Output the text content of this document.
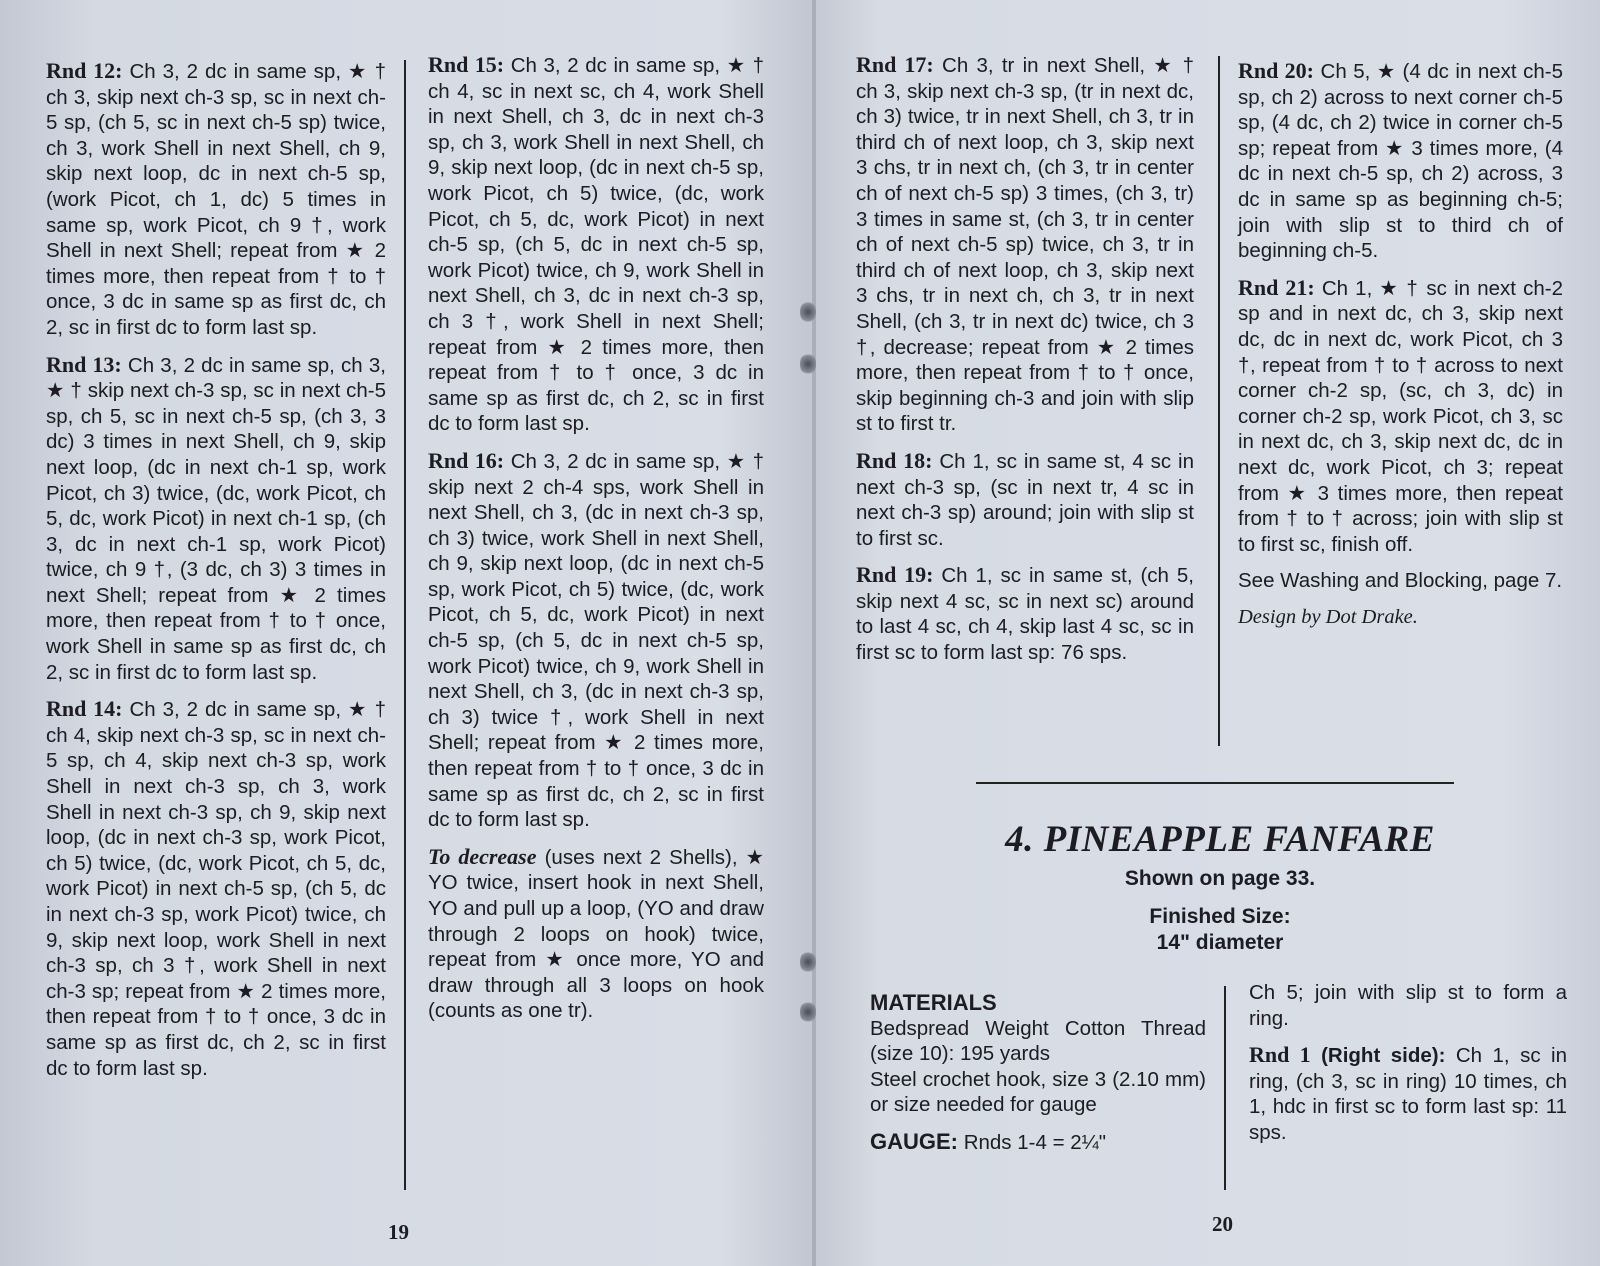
Rnd 12: Ch 3, 2 dc in same sp, ★ † ch 3, skip next ch-3 sp, sc in next ch-5 sp, (ch 5, sc in next ch-5 sp) twice, ch 3, work Shell in next Shell, ch 9, skip next loop, dc in next ch-5 sp, (work Picot, ch 1, dc) 5 times in same sp, work Picot, ch 9 †, work Shell in next Shell; repeat from ★ 2 times more, then repeat from † to † once, 3 dc in same sp as first dc, ch 2, sc in first dc to form last sp.

Rnd 13: Ch 3, 2 dc in same sp, ch 3, ★ † skip next ch-3 sp, sc in next ch-5 sp, ch 5, sc in next ch-5 sp, (ch 3, 3 dc) 3 times in next Shell, ch 9, skip next loop, (dc in next ch-1 sp, work Picot, ch 3) twice, (dc, work Picot, ch 5, dc, work Picot) in next ch-1 sp, (ch 3, dc in next ch-1 sp, work Picot) twice, ch 9 †, (3 dc, ch 3) 3 times in next Shell; repeat from ★ 2 times more, then repeat from † to † once, work Shell in same sp as first dc, ch 2, sc in first dc to form last sp.

Rnd 14: Ch 3, 2 dc in same sp, ★ † ch 4, skip next ch-3 sp, sc in next ch-5 sp, ch 4, skip next ch-3 sp, work Shell in next ch-3 sp, ch 3, work Shell in next ch-3 sp, ch 9, skip next loop, (dc in next ch-3 sp, work Picot, ch 5) twice, (dc, work Picot, ch 5, dc, work Picot) in next ch-5 sp, (ch 5, dc in next ch-3 sp, work Picot) twice, ch 9, skip next loop, work Shell in next ch-3 sp, ch 3 †, work Shell in next ch-3 sp; repeat from ★ 2 times more, then repeat from † to † once, 3 dc in same sp as first dc, ch 2, sc in first dc to form last sp.

Rnd 15: Ch 3, 2 dc in same sp, ★ † ch 4, sc in next sc, ch 4, work Shell in next Shell, ch 3, dc in next ch-3 sp, ch 3, work Shell in next Shell, ch 9, skip next loop, (dc in next ch-5 sp, work Picot, ch 5) twice, (dc, work Picot, ch 5, dc, work Picot) in next ch-5 sp, (ch 5, dc in next ch-5 sp, work Picot) twice, ch 9, work Shell in next Shell, ch 3, dc in next ch-3 sp, ch 3 †, work Shell in next Shell; repeat from ★ 2 times more, then repeat from † to † once, 3 dc in same sp as first dc, ch 2, sc in first dc to form last sp.

Rnd 16: Ch 3, 2 dc in same sp, ★ † skip next 2 ch-4 sps, work Shell in next Shell, ch 3, (dc in next ch-3 sp, ch 3) twice, work Shell in next Shell, ch 9, skip next loop, (dc in next ch-5 sp, work Picot, ch 5) twice, (dc, work Picot, ch 5, dc, work Picot) in next ch-5 sp, (ch 5, dc in next ch-5 sp, work Picot) twice, ch 9, work Shell in next Shell, ch 3, (dc in next ch-3 sp, ch 3) twice †, work Shell in next Shell; repeat from ★ 2 times more, then repeat from † to † once, 3 dc in same sp as first dc, ch 2, sc in first dc to form last sp.

To decrease (uses next 2 Shells), ★ YO twice, insert hook in next Shell, YO and pull up a loop, (YO and draw through 2 loops on hook) twice, repeat from ★ once more, YO and draw through all 3 loops on hook (counts as one tr).

19

Rnd 17: Ch 3, tr in next Shell, ★ † ch 3, skip next ch-3 sp, (tr in next dc, ch 3) twice, tr in next Shell, ch 3, tr in third ch of next loop, ch 3, skip next 3 chs, tr in next ch, (ch 3, tr in center ch of next ch-5 sp) 3 times, (ch 3, tr) 3 times in same st, (ch 3, tr in center ch of next ch-5 sp) twice, ch 3, tr in third ch of next loop, ch 3, skip next 3 chs, tr in next ch, ch 3, tr in next Shell, (ch 3, tr in next dc) twice, ch 3 †, decrease; repeat from ★ 2 times more, then repeat from † to † once, skip beginning ch-3 and join with slip st to first tr.

Rnd 18: Ch 1, sc in same st, 4 sc in next ch-3 sp, (sc in next tr, 4 sc in next ch-3 sp) around; join with slip st to first sc.

Rnd 19: Ch 1, sc in same st, (ch 5, skip next 4 sc, sc in next sc) around to last 4 sc, ch 4, skip last 4 sc, sc in first sc to form last sp: 76 sps.

Rnd 20: Ch 5, ★ (4 dc in next ch-5 sp, ch 2) across to next corner ch-5 sp, (4 dc, ch 2) twice in corner ch-5 sp; repeat from ★ 3 times more, (4 dc in next ch-5 sp, ch 2) across, 3 dc in same sp as beginning ch-5; join with slip st to third ch of beginning ch-5.

Rnd 21: Ch 1, ★ † sc in next ch-2 sp and in next dc, ch 3, skip next dc, dc in next dc, work Picot, ch 3 †, repeat from † to † across to next corner ch-2 sp, (sc, ch 3, dc) in corner ch-2 sp, work Picot, ch 3, sc in next dc, ch 3, skip next dc, dc in next dc, work Picot, ch 3; repeat from ★ 3 times more, then repeat from † to † across; join with slip st to first sc, finish off.

See Washing and Blocking, page 7.

Design by Dot Drake.

4. PINEAPPLE FANFARE
Shown on page 33.
Finished Size:
14" diameter
MATERIALS
Bedspread Weight Cotton Thread (size 10): 195 yards

Steel crochet hook, size 3 (2.10 mm) or size needed for gauge

GAUGE: Rnds 1-4 = 2¼"

Ch 5; join with slip st to form a ring.

Rnd 1 (Right side): Ch 1, sc in ring, (ch 3, sc in ring) 10 times, ch 1, hdc in first sc to form last sp: 11 sps.

20
